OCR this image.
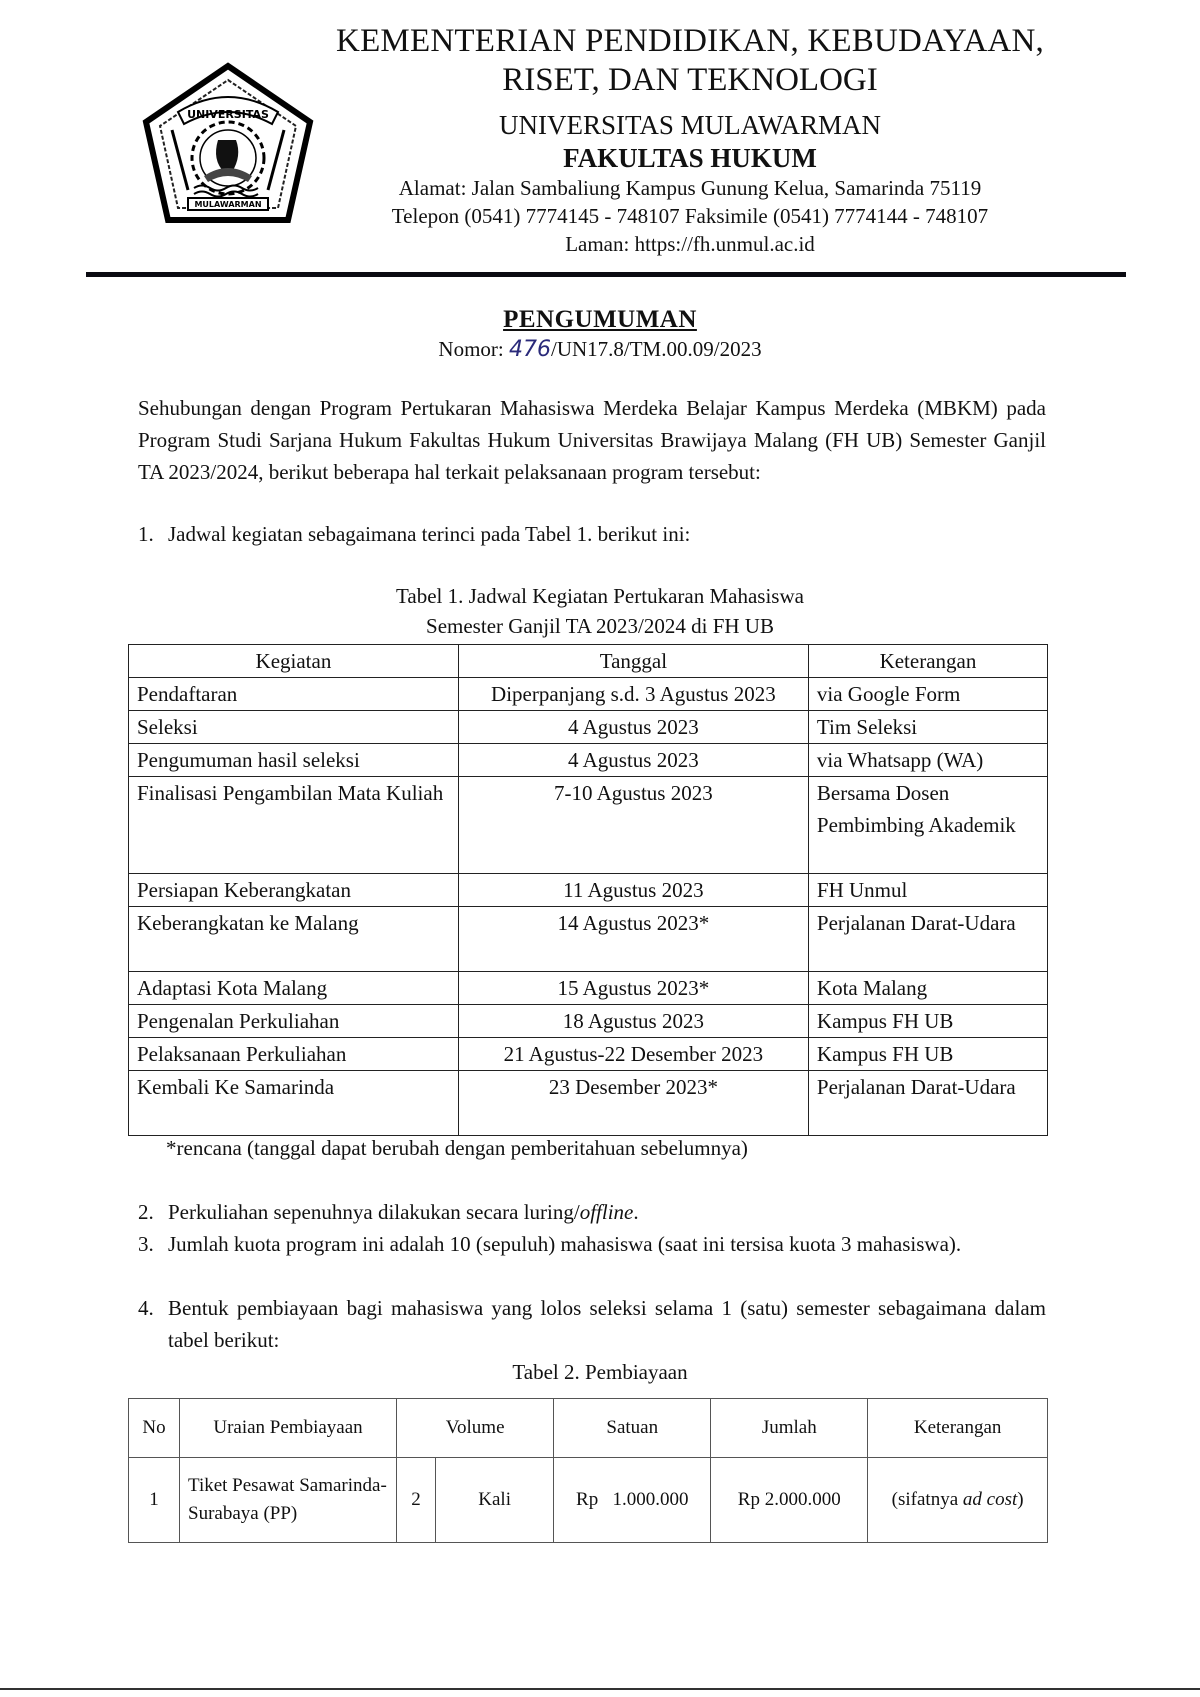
UNIVERSITAS
MULAWARMAN
KEMENTERIAN PENDIDIKAN, KEBUDAYAAN,
RISET, DAN TEKNOLOGI
UNIVERSITAS MULAWARMAN
FAKULTAS HUKUM
Alamat: Jalan Sambaliung Kampus Gunung Kelua, Samarinda 75119
Telepon (0541) 7774145 - 748107 Faksimile (0541) 7774144 - 748107
Laman: https://fh.unmul.ac.id
PENGUMUMAN
Nomor: 476/UN17.8/TM.00.09/2023
Sehubungan dengan Program Pertukaran Mahasiswa Merdeka Belajar Kampus Merdeka (MBKM) pada Program Studi Sarjana Hukum Fakultas Hukum Universitas Brawijaya Malang (FH UB) Semester Ganjil TA 2023/2024, berikut beberapa hal terkait pelaksanaan program tersebut:
1. Jadwal kegiatan sebagaimana terinci pada Tabel 1. berikut ini:
Tabel 1. Jadwal Kegiatan Pertukaran Mahasiswa
Semester Ganjil TA 2023/2024 di FH UB
Kegiatan	Tanggal	Keterangan
Pendaftaran	Diperpanjang s.d. 3 Agustus 2023	via Google Form
Seleksi	4 Agustus 2023	Tim Seleksi
Pengumuman hasil seleksi	4 Agustus 2023	via Whatsapp (WA)
Finalisasi Pengambilan Mata Kuliah	7-10 Agustus 2023	Bersama Dosen Pembimbing Akademik
Persiapan Keberangkatan	11 Agustus 2023	FH Unmul
Keberangkatan ke Malang	14 Agustus 2023*	Perjalanan Darat-Udara
Adaptasi Kota Malang	15 Agustus 2023*	Kota Malang
Pengenalan Perkuliahan	18 Agustus 2023	Kampus FH UB
Pelaksanaan Perkuliahan	21 Agustus-22 Desember 2023	Kampus FH UB
Kembali Ke Samarinda	23 Desember 2023*	Perjalanan Darat-Udara
*rencana (tanggal dapat berubah dengan pemberitahuan sebelumnya)
2. Perkuliahan sepenuhnya dilakukan secara luring/offline.
3. Jumlah kuota program ini adalah 10 (sepuluh) mahasiswa (saat ini tersisa kuota 3 mahasiswa).
4. Bentuk pembiayaan bagi mahasiswa yang lolos seleksi selama 1 (satu) semester sebagaimana dalam tabel berikut:
Tabel 2. Pembiayaan
No	Uraian Pembiayaan	Volume		Satuan	Jumlah	Keterangan
1	Tiket Pesawat Samarinda-Surabaya (PP)	2	Kali	Rp   1.000.000	Rp 2.000.000	(sifatnya ad cost)
